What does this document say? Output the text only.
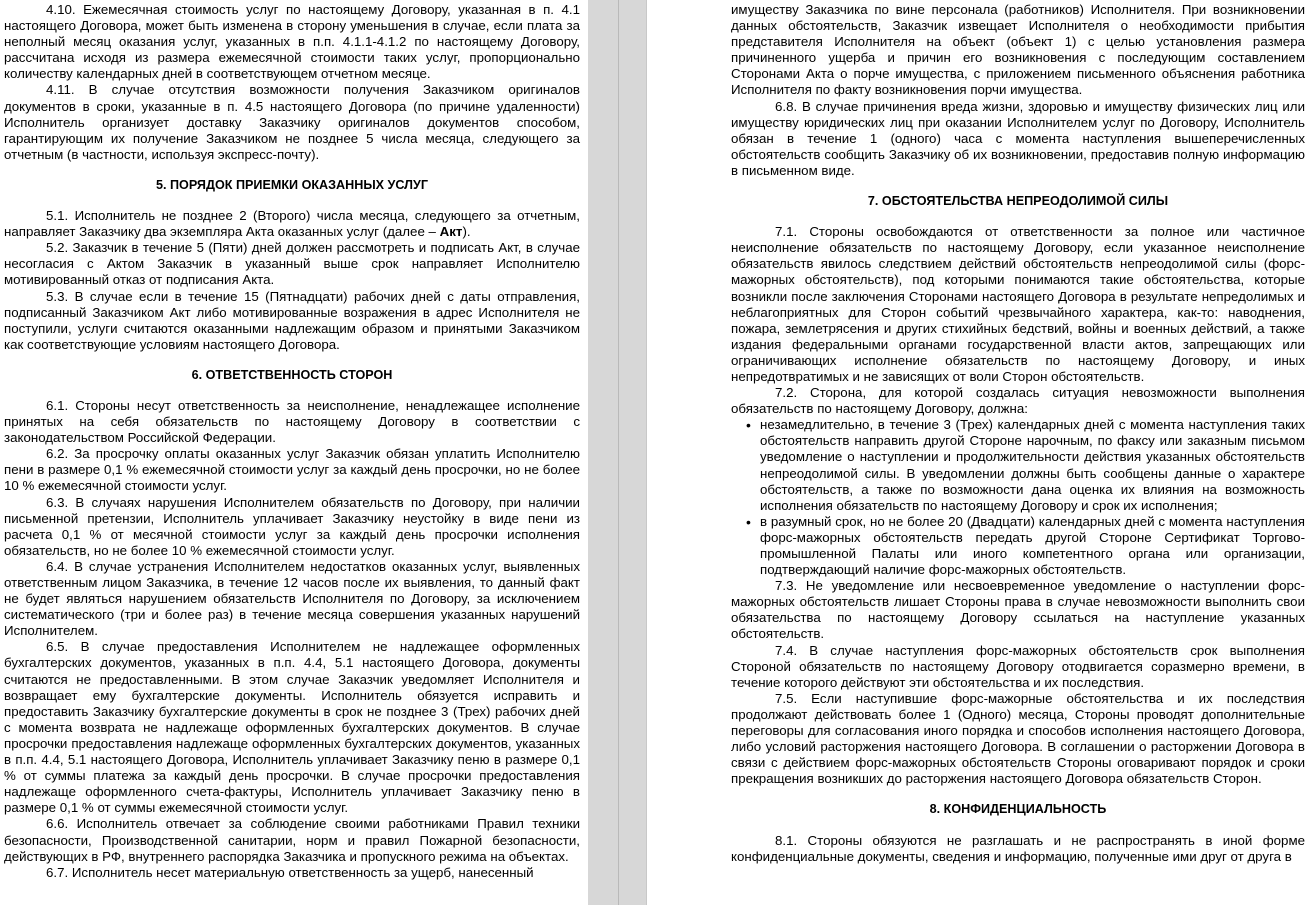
4.10. Ежемесячная стоимость услуг по настоящему Договору, указанная в п. 4.1 настоящего Договора, может быть изменена в сторону уменьшения в случае, если плата за неполный месяц оказания услуг, указанных в п.п. 4.1.1-4.1.2 по настоящему Договору, рассчитана исходя из размера ежемесячной стоимости таких услуг, пропорционально количеству календарных дней в соответствующем отчетном месяце.

4.11. В случае отсутствия возможности получения Заказчиком оригиналов документов в сроки, указанные в п. 4.5 настоящего Договора (по причине удаленности) Исполнитель организует доставку Заказчику оригиналов документов способом, гарантирующим их получение Заказчиком не позднее 5 числа месяца, следующего за отчетным (в частности, используя экспресс-почту).

5. ПОРЯДОК ПРИЕМКИ ОКАЗАННЫХ УСЛУГ

5.1. Исполнитель не позднее 2 (Второго) числа месяца, следующего за отчетным, направляет Заказчику два экземпляра Акта оказанных услуг (далее – Акт).

5.2. Заказчик в течение 5 (Пяти) дней должен рассмотреть и подписать Акт, в случае несогласия с Актом Заказчик в указанный выше срок направляет Исполнителю мотивированный отказ от подписания Акта.

5.3. В случае если в течение 15 (Пятнадцати) рабочих дней с даты отправления, подписанный Заказчиком Акт либо мотивированные возражения в адрес Исполнителя не поступили, услуги считаются оказанными надлежащим образом и принятыми Заказчиком как соответствующие условиям настоящего Договора.

6. ОТВЕТСТВЕННОСТЬ СТОРОН

6.1. Стороны несут ответственность за неисполнение, ненадлежащее исполнение принятых на себя обязательств по настоящему Договору в соответствии с законодательством Российской Федерации.

6.2. За просрочку оплаты оказанных услуг Заказчик обязан уплатить Исполнителю пени в размере 0,1 % ежемесячной стоимости услуг за каждый день просрочки, но не более 10 % ежемесячной стоимости услуг.

6.3. В случаях нарушения Исполнителем обязательств по Договору, при наличии письменной претензии, Исполнитель уплачивает Заказчику неустойку в виде пени из расчета 0,1 % от месячной стоимости услуг за каждый день просрочки исполнения обязательств, но не более 10 % ежемесячной стоимости услуг.

6.4. В случае устранения Исполнителем недостатков оказанных услуг, выявленных ответственным лицом Заказчика, в течение 12 часов после их выявления, то данный факт не будет являться нарушением обязательств Исполнителя по Договору, за исключением систематического (три и более раз) в течение месяца совершения указанных нарушений Исполнителем.

6.5. В случае предоставления Исполнителем не надлежащее оформленных бухгалтерских документов, указанных в п.п. 4.4, 5.1 настоящего Договора, документы считаются не предоставленными. В этом случае Заказчик уведомляет Исполнителя и возвращает ему бухгалтерские документы. Исполнитель обязуется исправить и предоставить Заказчику бухгалтерские документы в срок не позднее 3 (Трех) рабочих дней с момента возврата не надлежаще оформленных бухгалтерских документов. В случае просрочки предоставления надлежаще оформленных бухгалтерских документов, указанных в п.п. 4.4, 5.1 настоящего Договора, Исполнитель уплачивает Заказчику пеню в размере 0,1 % от суммы платежа за каждый день просрочки. В случае просрочки предоставления надлежаще оформленного счета-фактуры, Исполнитель уплачивает Заказчику пеню в размере 0,1 % от суммы ежемесячной стоимости услуг.

6.6. Исполнитель отвечает за соблюдение своими работниками Правил техники безопасности, Производственной санитарии, норм и правил Пожарной безопасности, действующих в РФ, внутреннего распорядка Заказчика и пропускного режима на объектах.

6.7. Исполнитель несет материальную ответственность за ущерб, нанесенный

имуществу Заказчика по вине персонала (работников) Исполнителя. При возникновении данных обстоятельств, Заказчик извещает Исполнителя о необходимости прибытия представителя Исполнителя на объект (объект 1) с целью установления размера причиненного ущерба и причин его возникновения с последующим составлением Сторонами Акта о порче имущества, с приложением письменного объяснения работника Исполнителя по факту возникновения порчи имущества.

6.8. В случае причинения вреда жизни, здоровью и имуществу физических лиц или имуществу юридических лиц при оказании Исполнителем услуг по Договору, Исполнитель обязан в течение 1 (одного) часа с момента наступления вышеперечисленных обстоятельств сообщить Заказчику об их возникновении, предоставив полную информацию в письменном виде.

7. ОБСТОЯТЕЛЬСТВА НЕПРЕОДОЛИМОЙ СИЛЫ

7.1. Стороны освобождаются от ответственности за полное или частичное неисполнение обязательств по настоящему Договору, если указанное неисполнение обязательств явилось следствием действий обстоятельств непреодолимой силы (форс-мажорных обстоятельств), под которыми понимаются такие обстоятельства, которые возникли после заключения Сторонами настоящего Договора в результате непредолимых и неблагоприятных для Сторон событий чрезвычайного характера, как-то: наводнения, пожара, землетрясения и других стихийных бедствий, войны и военных действий, а также издания федеральными органами государственной власти актов, запрещающих или ограничивающих исполнение обязательств по настоящему Договору, и иных непредотвратимых и не зависящих от воли Сторон обстоятельств.

7.2. Сторона, для которой создалась ситуация невозможности выполнения обязательств по настоящему Договору, должна:

• незамедлительно, в течение 3 (Трех) календарных дней с момента наступления таких обстоятельств направить другой Стороне нарочным, по факсу или заказным письмом уведомление о наступлении и продолжительности действия указанных обстоятельств непреодолимой силы. В уведомлении должны быть сообщены данные о характере обстоятельств, а также по возможности дана оценка их влияния на возможность исполнения обязательств по настоящему Договору и срок их исполнения;

• в разумный срок, но не более 20 (Двадцати) календарных дней с момента наступления форс-мажорных обстоятельств передать другой Стороне Сертификат Торгово-промышленной Палаты или иного компетентного органа или организации, подтверждающий наличие форс-мажорных обстоятельств.

7.3. Не уведомление или несвоевременное уведомление о наступлении форс-мажорных обстоятельств лишает Стороны права в случае невозможности выполнить свои обязательства по настоящему Договору ссылаться на наступление указанных обстоятельств.

7.4. В случае наступления форс-мажорных обстоятельств срок выполнения Стороной обязательств по настоящему Договору отодвигается соразмерно времени, в течение которого действуют эти обстоятельства и их последствия.

7.5. Если наступившие форс-мажорные обстоятельства и их последствия продолжают действовать более 1 (Одного) месяца, Стороны проводят дополнительные переговоры для согласования иного порядка и способов исполнения настоящего Договора, либо условий расторжения настоящего Договора. В соглашении о расторжении Договора в связи с действием форс-мажорных обстоятельств Стороны оговаривают порядок и сроки прекращения возникших до расторжения настоящего Договора обязательств Сторон.

8. КОНФИДЕНЦИАЛЬНОСТЬ

8.1. Стороны обязуются не разглашать и не распространять в иной форме конфиденциальные документы, сведения и информацию, полученные ими друг от друга в
